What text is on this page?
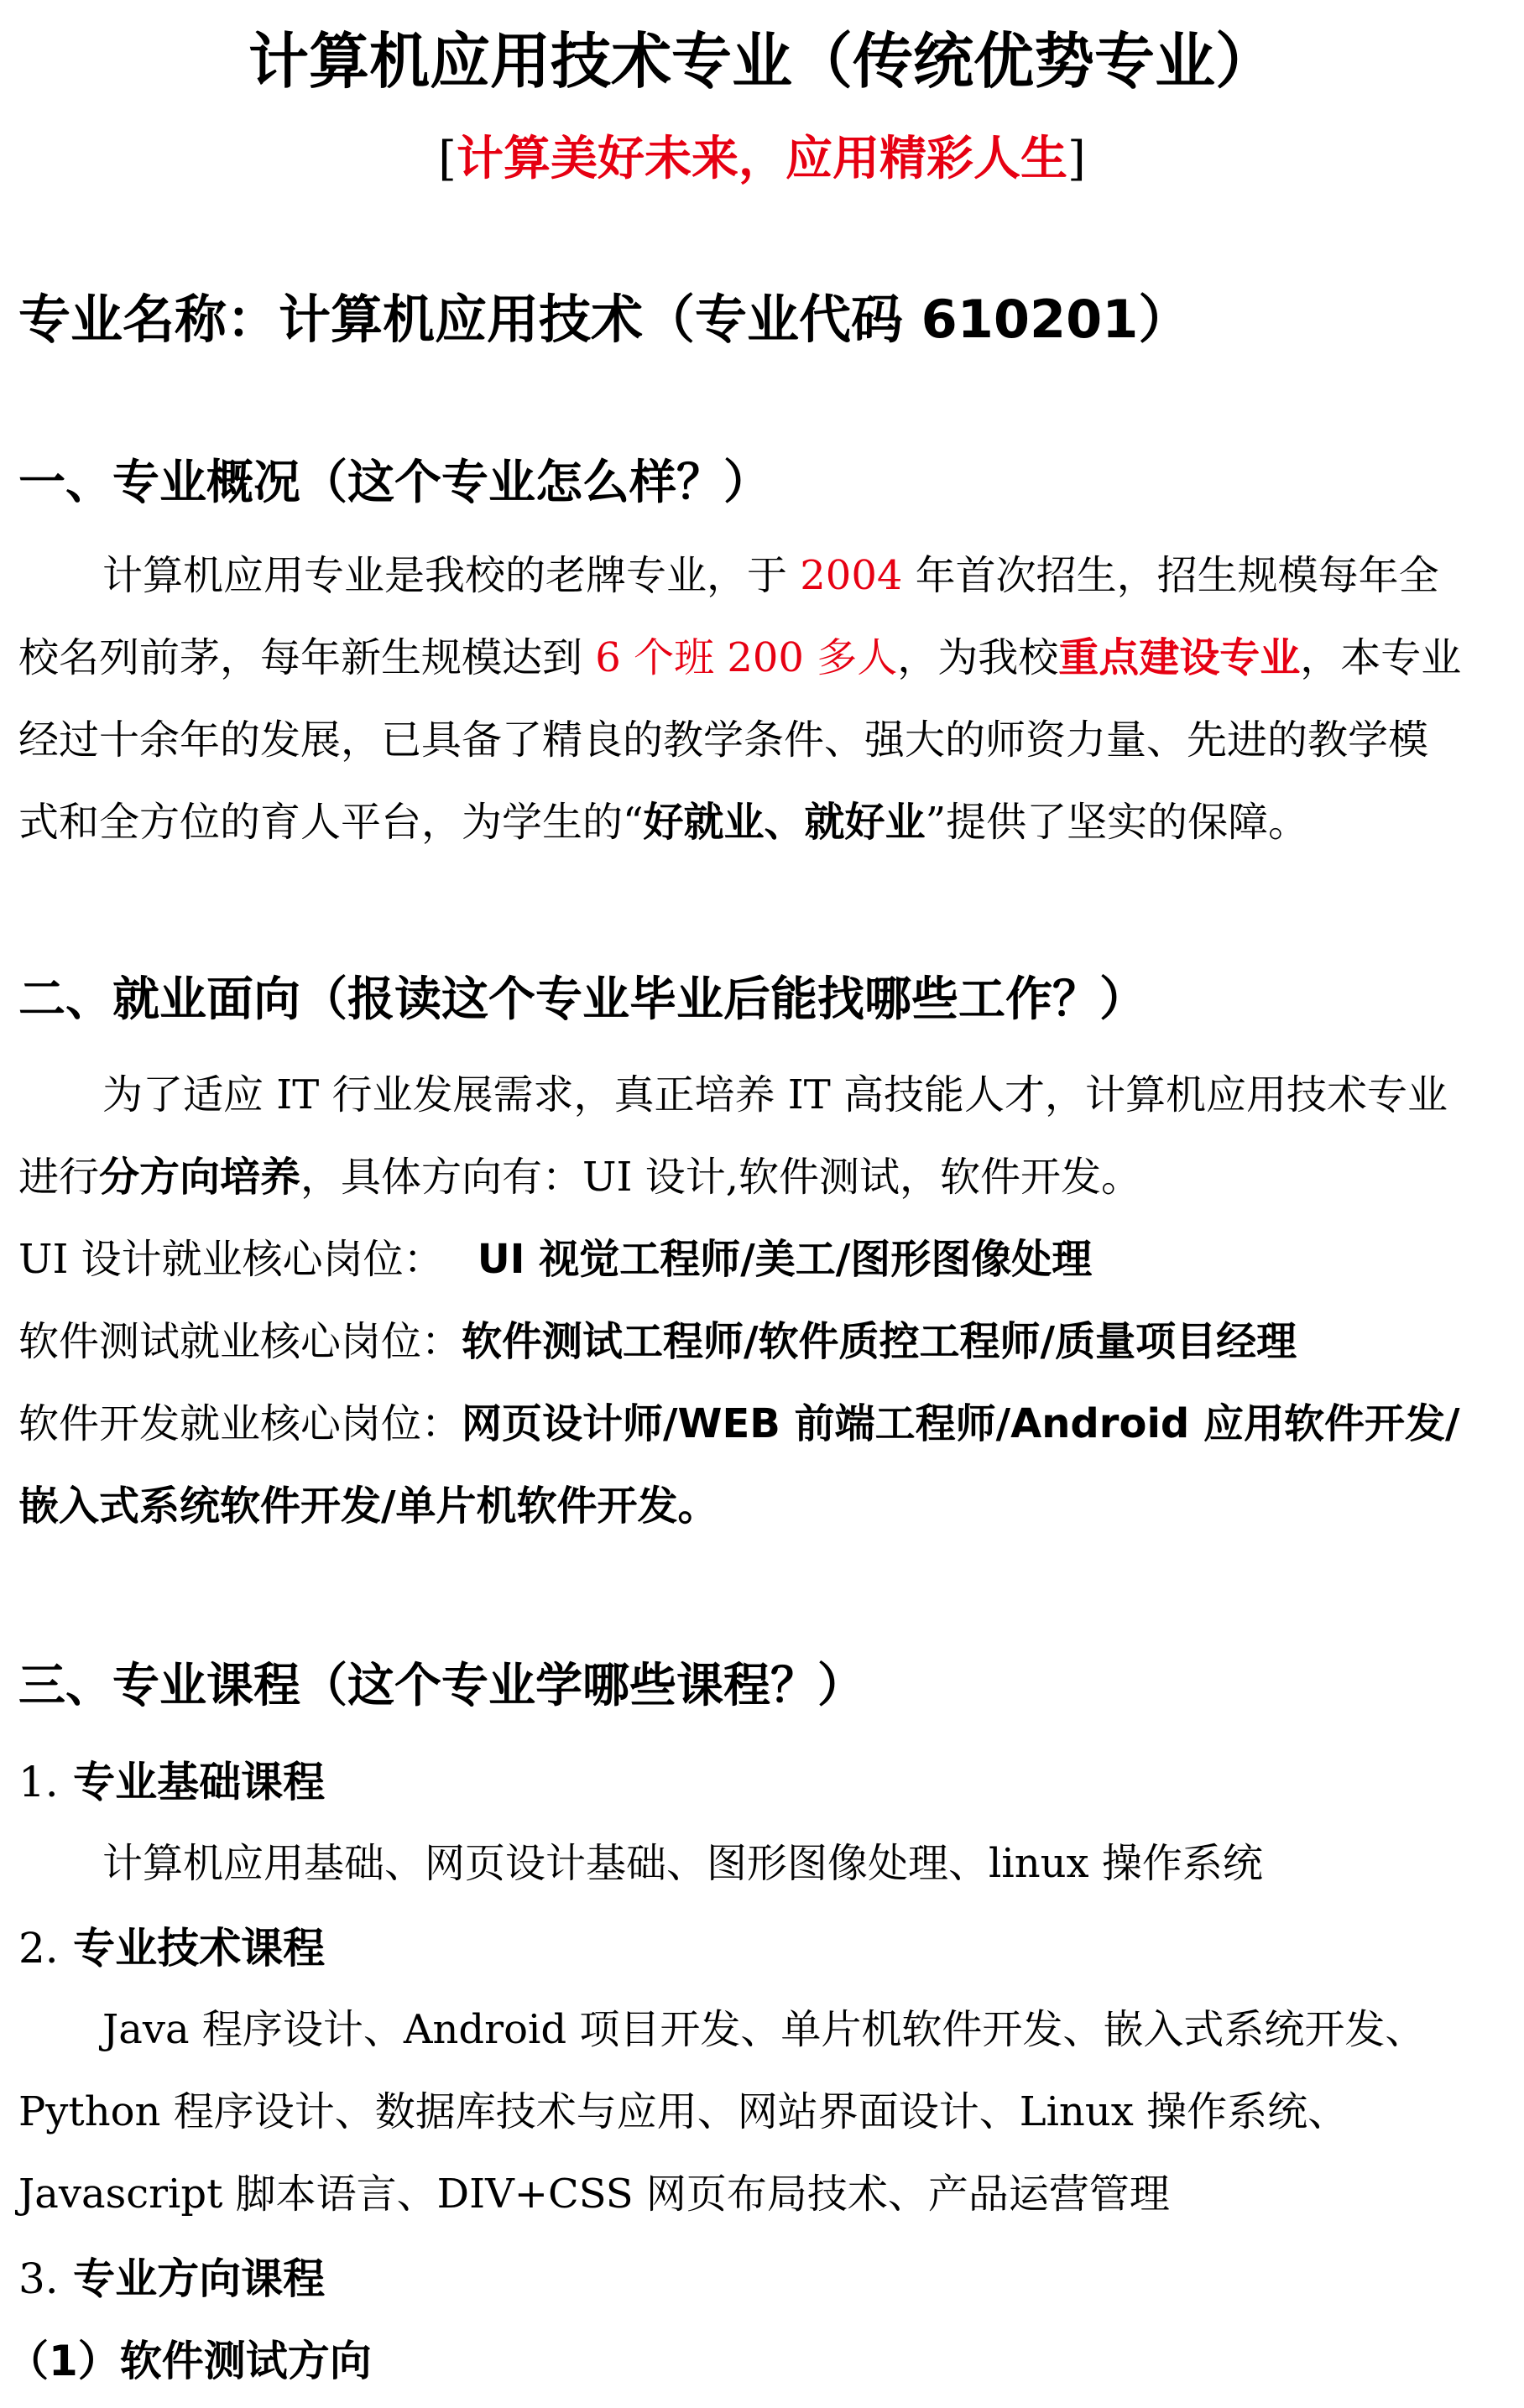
计算机应用技术专业（传统优势专业）
[计算美好未来，应用精彩人生]
专业名称：计算机应用技术（专业代码 610201）
一、专业概况（这个专业怎么样？）
计算机应用专业是我校的老牌专业，于 2004 年首次招生，招生规模每年全
校名列前茅，每年新生规模达到 6 个班 200 多人，为我校重点建设专业，本专业
经过十余年的发展，已具备了精良的教学条件、强大的师资力量、先进的教学模
式和全方位的育人平台，为学生的“好就业、就好业”提供了坚实的保障。
二、就业面向（报读这个专业毕业后能找哪些工作？）
为了适应 IT 行业发展需求，真正培养 IT 高技能人才，计算机应用技术专业
进行分方向培养，具体方向有：UI 设计,软件测试，软件开发。
UI 设计就业核心岗位： UI 视觉工程师/美工/图形图像处理
软件测试就业核心岗位：软件测试工程师/软件质控工程师/质量项目经理
软件开发就业核心岗位：网页设计师/WEB 前端工程师/Android 应用软件开发/
嵌入式系统软件开发/单片机软件开发。
三、专业课程（这个专业学哪些课程？）
1. 专业基础课程
计算机应用基础、网页设计基础、图形图像处理、linux 操作系统
2. 专业技术课程
Java 程序设计、Android 项目开发、单片机软件开发、嵌入式系统开发、
Python 程序设计、数据库技术与应用、网站界面设计、Linux 操作系统、
Javascript 脚本语言、DIV+CSS 网页布局技术、产品运营管理
3. 专业方向课程
（1）软件测试方向
